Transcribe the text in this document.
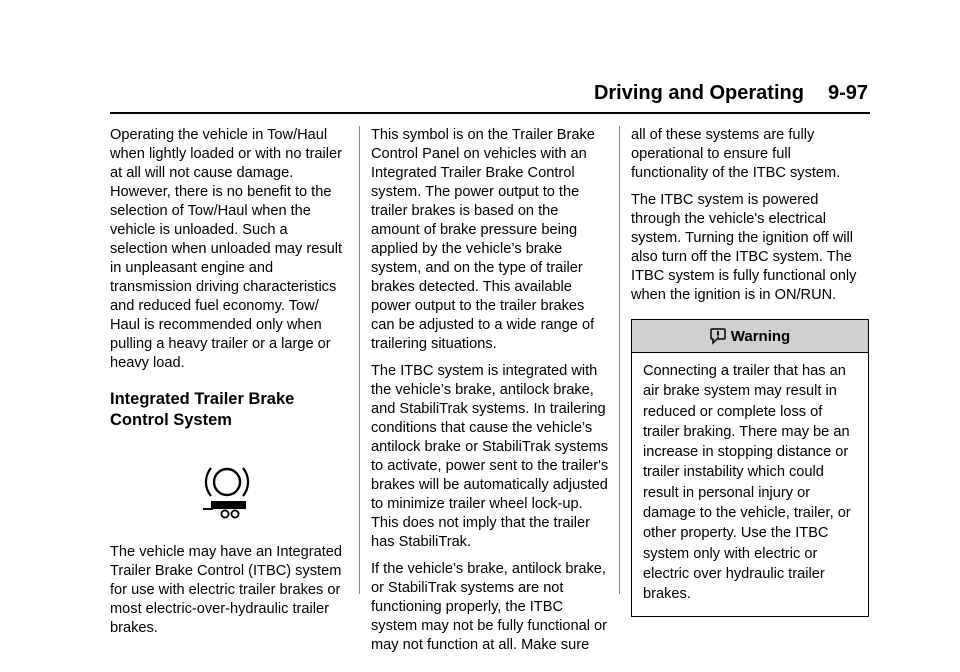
Driving and Operating 9-97

Operating the vehicle in Tow/Haul when lightly loaded or with no trailer at all will not cause damage. However, there is no benefit to the selection of Tow/Haul when the vehicle is unloaded. Such a selection when unloaded may result in unpleasant engine and transmission driving characteristics and reduced fuel economy. Tow/ Haul is recommended only when pulling a heavy trailer or a large or heavy load.

Integrated Trailer Brake Control System

The vehicle may have an Integrated Trailer Brake Control (ITBC) system for use with electric trailer brakes or most electric-over-hydraulic trailer brakes.

This symbol is on the Trailer Brake Control Panel on vehicles with an Integrated Trailer Brake Control system. The power output to the trailer brakes is based on the amount of brake pressure being applied by the vehicle’s brake system, and on the type of trailer brakes detected. This available power output to the trailer brakes can be adjusted to a wide range of trailering situations.

The ITBC system is integrated with the vehicle’s brake, antilock brake, and StabiliTrak systems. In trailering conditions that cause the vehicle’s antilock brake or StabiliTrak systems to activate, power sent to the trailer's brakes will be automatically adjusted to minimize trailer wheel lock-up. This does not imply that the trailer has StabiliTrak.

If the vehicle’s brake, antilock brake, or StabiliTrak systems are not functioning properly, the ITBC system may not be fully functional or may not function at all. Make sure

all of these systems are fully operational to ensure full functionality of the ITBC system.

The ITBC system is powered through the vehicle's electrical system. Turning the ignition off will also turn off the ITBC system. The ITBC system is fully functional only when the ignition is in ON/RUN.

Warning
Connecting a trailer that has an air brake system may result in reduced or complete loss of trailer braking. There may be an increase in stopping distance or trailer instability which could result in personal injury or damage to the vehicle, trailer, or other property. Use the ITBC system only with electric or electric over hydraulic trailer brakes.
